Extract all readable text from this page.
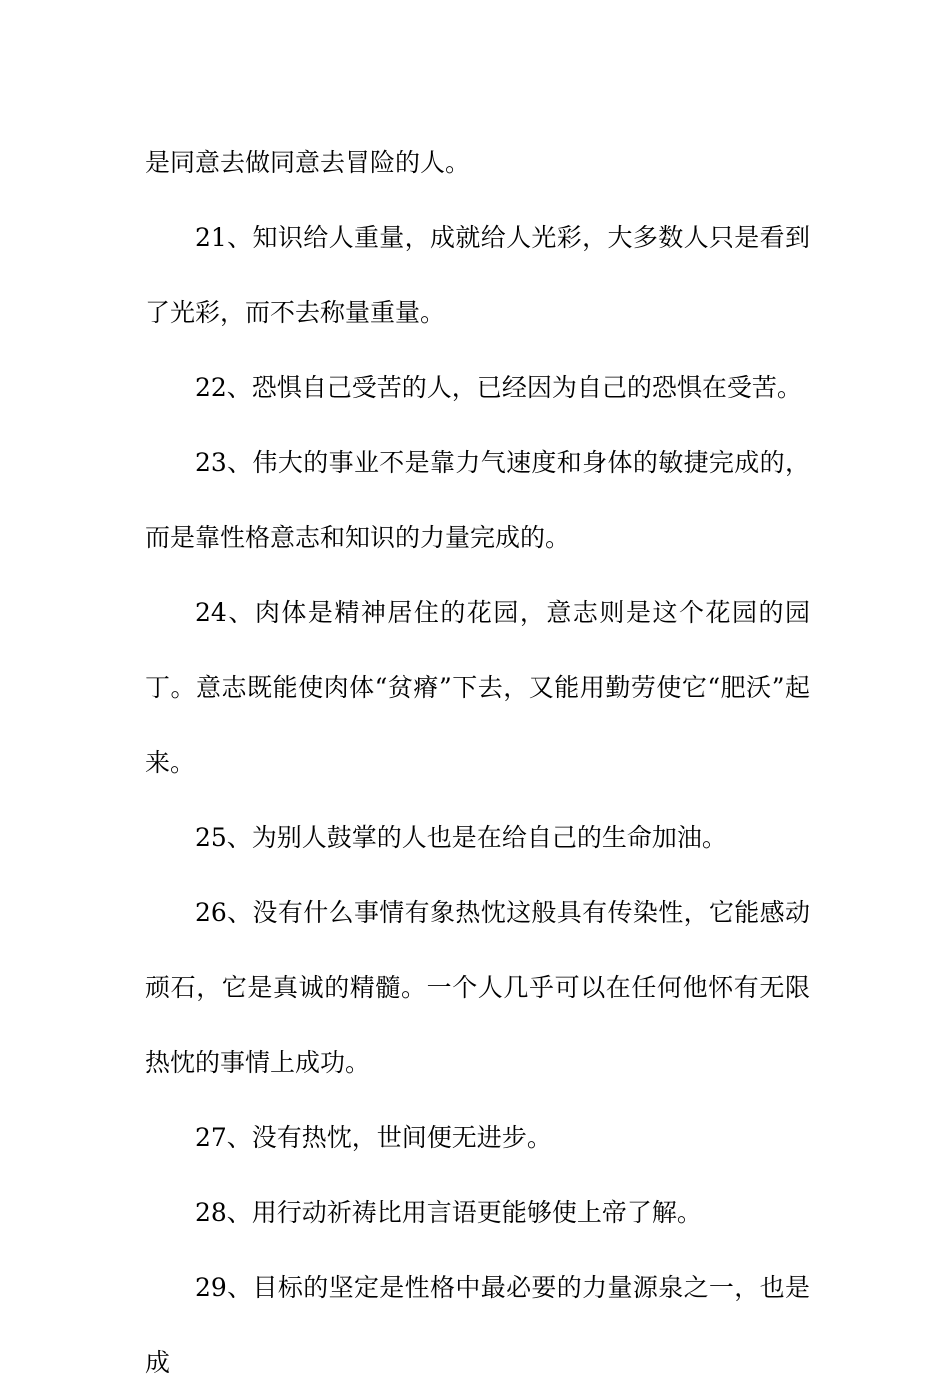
是同意去做同意去冒险的人。

21、知识给人重量，成就给人光彩，大多数人只是看到了光彩，而不去称量重量。

22、恐惧自己受苦的人，已经因为自己的恐惧在受苦。

23、伟大的事业不是靠力气速度和身体的敏捷完成的，而是靠性格意志和知识的力量完成的。

24、肉体是精神居住的花园，意志则是这个花园的园丁。意志既能使肉体“贫瘠”下去，又能用勤劳使它“肥沃”起来。

25、为别人鼓掌的人也是在给自己的生命加油。

26、没有什么事情有象热忱这般具有传染性，它能感动顽石，它是真诚的精髓。一个人几乎可以在任何他怀有无限热忱的事情上成功。

27、没有热忱，世间便无进步。

28、用行动祈祷比用言语更能够使上帝了解。

29、目标的坚定是性格中最必要的力量源泉之一，也是成
